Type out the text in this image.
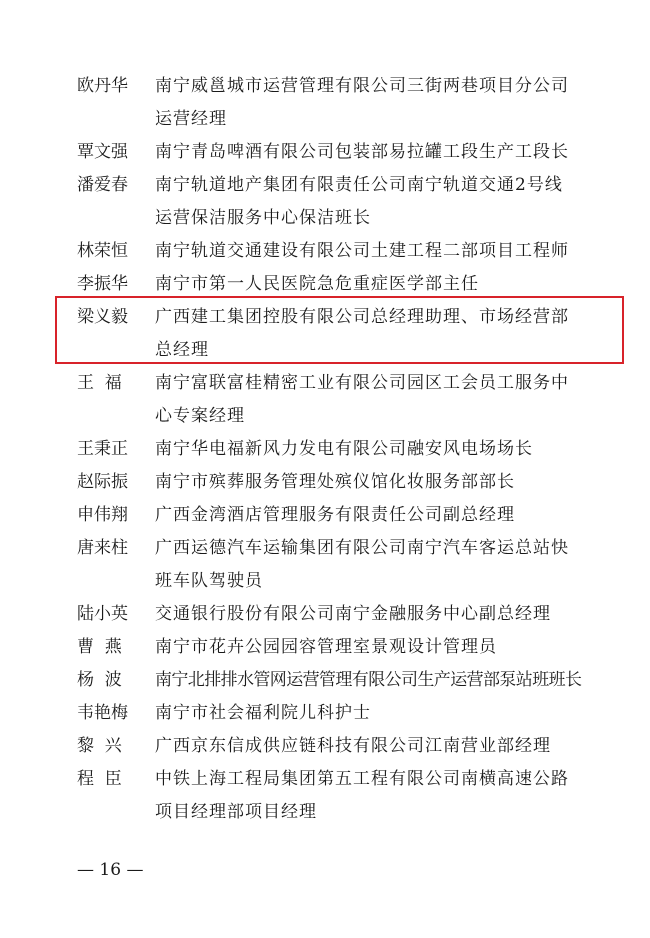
欧丹华	南宁威邕城市运营管理有限公司三街两巷项目分公司
运营经理
覃文强	南宁青岛啤酒有限公司包装部易拉罐工段生产工段长
潘爱春	南宁轨道地产集团有限责任公司南宁轨道交通2号线
运营保洁服务中心保洁班长
林荣恒	南宁轨道交通建设有限公司土建工程二部项目工程师
李振华	南宁市第一人民医院急危重症医学部主任
梁义毅	广西建工集团控股有限公司总经理助理、市场经营部
总经理
王  福	南宁富联富桂精密工业有限公司园区工会员工服务中
心专案经理
王秉正	南宁华电福新风力发电有限公司融安风电场场长
赵际振	南宁市殡葬服务管理处殡仪馆化妆服务部部长
申伟翔	广西金湾酒店管理服务有限责任公司副总经理
唐来柱	广西运德汽车运输集团有限公司南宁汽车客运总站快
班车队驾驶员
陆小英	交通银行股份有限公司南宁金融服务中心副总经理
曹  燕	南宁市花卉公园园容管理室景观设计管理员
杨  波	南宁北排排水管网运营管理有限公司生产运营部泵站班班长
韦艳梅	南宁市社会福利院儿科护士
黎  兴	广西京东信成供应链科技有限公司江南营业部经理
程  臣	中铁上海工程局集团第五工程有限公司南横高速公路
项目经理部项目经理
— 16 —
